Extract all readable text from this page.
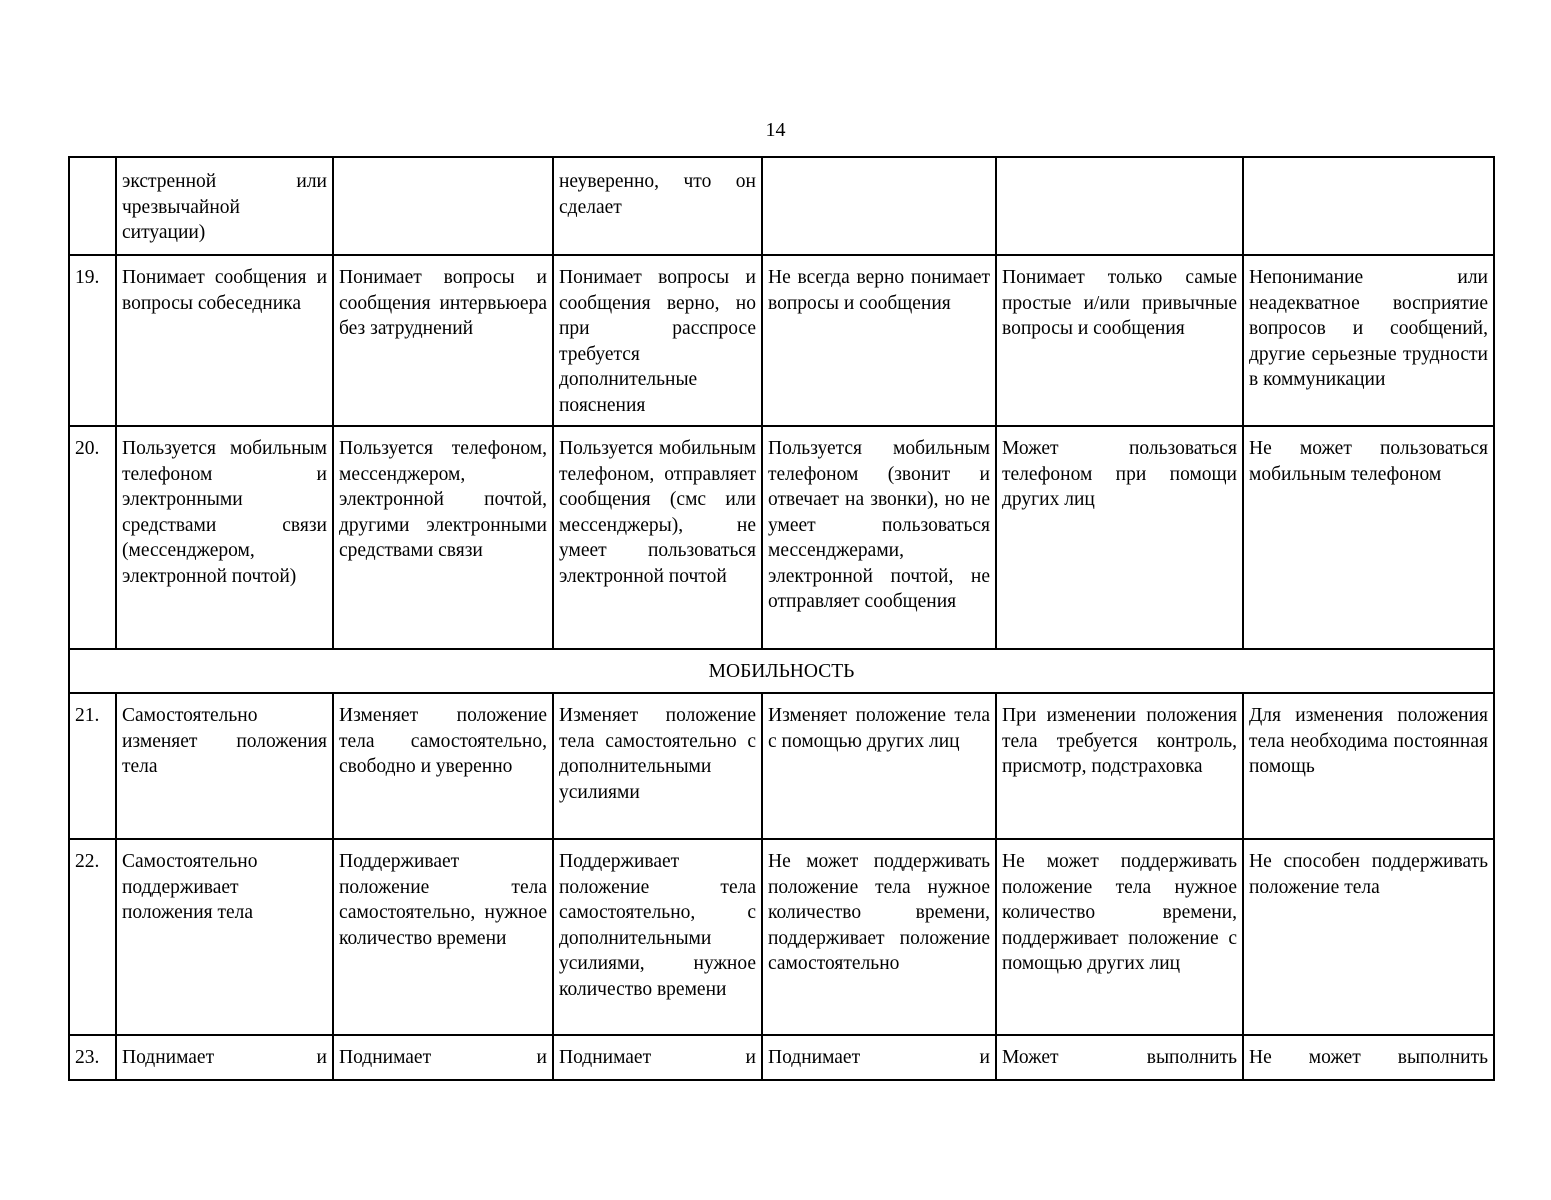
14
	экстренной или чрезвычайной ситуации)		неуверенно, что он сделает			
19.	Понимает сообщения и вопросы собеседника	Понимает вопросы и сообщения интервьюера без затруднений	Понимает вопросы и сообщения верно, но при расспросе требуется дополнительные пояснения	Не всегда верно понимает вопросы и сообщения	Понимает только самые простые и/или привычные вопросы и сообщения	Непонимание или неадекватное восприятие вопросов и сообщений, другие серьезные трудности в коммуникации
20.	Пользуется мобильным телефоном и электронными средствами связи (мессенджером, электронной почтой)	Пользуется телефоном, мессенджером, электронной почтой, другими электронными средствами связи	Пользуется мобильным телефоном, отправляет сообщения (смс или мессенджеры), не умеет пользоваться электронной почтой	Пользуется мобильным телефоном (звонит и отвечает на звонки), но не умеет пользоваться мессенджерами, электронной почтой, не отправляет сообщения	Может пользоваться телефоном при помощи других лиц	Не может пользоваться мобильным телефоном
МОБИЛЬНОСТЬ						
21.	Самостоятельно изменяет положения тела	Изменяет положение тела самостоятельно, свободно и уверенно	Изменяет положение тела самостоятельно с дополнительными усилиями	Изменяет положение тела с помощью других лиц	При изменении положения тела требуется контроль, присмотр, подстраховка	Для изменения положения тела необходима постоянная помощь
22.	Самостоятельно поддерживает положения тела	Поддерживает положение тела самостоятельно, нужное количество времени	Поддерживает положение тела самостоятельно, с дополнительными усилиями, нужное количество времени	Не может поддерживать положение тела нужное количество времени, поддерживает положение самостоятельно	Не может поддерживать положение тела нужное количество времени, поддерживает положение с помощью других лиц	Не способен поддерживать положение тела
23.	Поднимает и	Поднимает и	Поднимает и	Поднимает и	Может выполнить	Не может выполнить
